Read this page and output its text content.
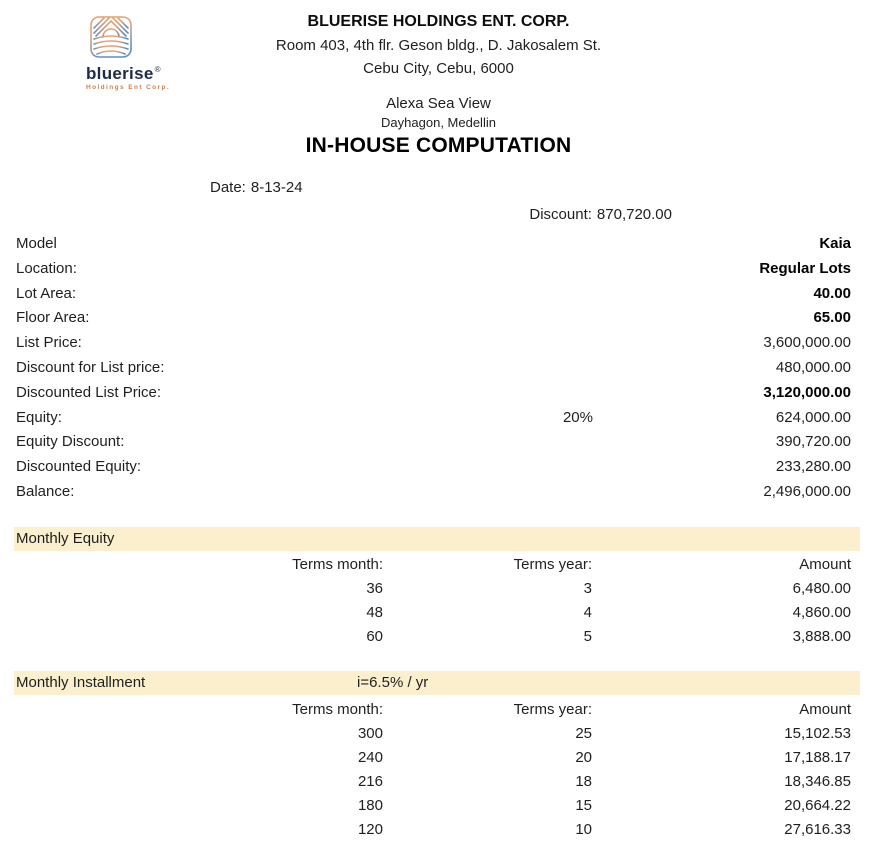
bluerise®
Holdings Ent Corp.
BLUERISE HOLDINGS ENT. CORP.
Room 403, 4th flr. Geson bldg., D. Jakosalem St.
Cebu City, Cebu, 6000
Alexa Sea View
Dayhagon, Medellin
IN-HOUSE COMPUTATION
Date: 8-13-24
Discount: 870,720.00
Model	Kaia
Location:	Regular Lots
Lot Area:	40.00
Floor Area:	65.00
List Price:	3,600,000.00
Discount for List price:	480,000.00
Discounted List Price:	3,120,000.00
Equity:	20%	624,000.00
Equity Discount:	390,720.00
Discounted Equity:	233,280.00
Balance:	2,496,000.00
Monthly Equity
Terms month:	Terms year:	Amount
36	3	6,480.00
48	4	4,860.00
60	5	3,888.00
Monthly Installment	i=6.5% / yr
Terms month:	Terms year:	Amount
300	25	15,102.53
240	20	17,188.17
216	18	18,346.85
180	15	20,664.22
120	10	27,616.33
